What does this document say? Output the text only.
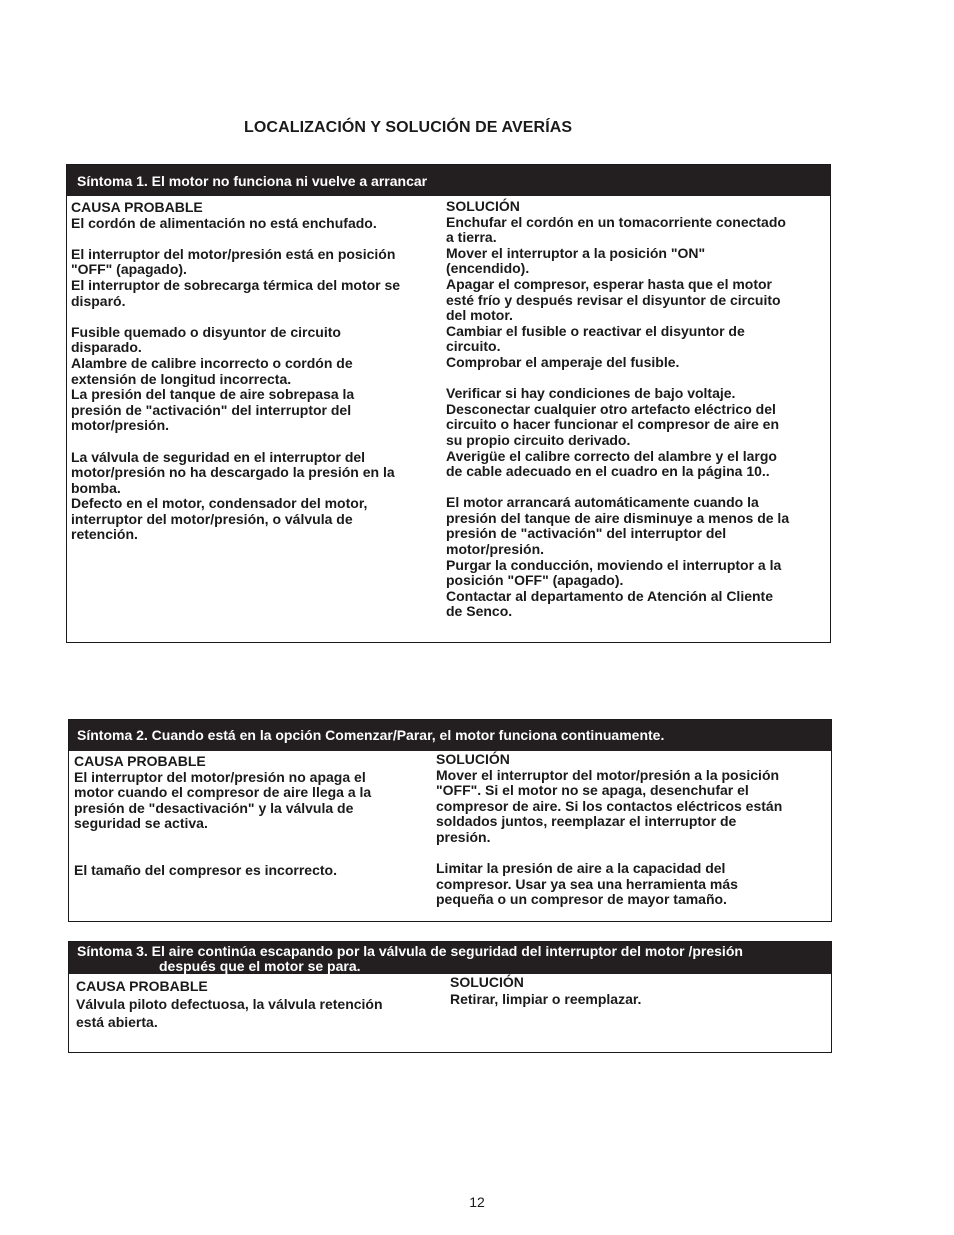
LOCALIZACIÓN Y SOLUCIÓN DE AVERÍAS
Síntoma 1. El motor no funciona ni vuelve a arrancar
CAUSA PROBABLE
El cordón de alimentación no está enchufado.
El interruptor del motor/presión está en posición
"OFF" (apagado).
El interruptor de sobrecarga térmica del motor se
disparó.
Fusible quemado o disyuntor de circuito
disparado.
Alambre de calibre incorrecto o cordón de
extensión de longitud incorrecta.
La presión del tanque de aire sobrepasa la
presión de "activación" del interruptor del
motor/presión.
La válvula de seguridad en el interruptor del
motor/presión no ha descargado la presión en la
bomba.
Defecto en el motor, condensador del motor,
interruptor del motor/presión, o válvula de
retención.
SOLUCIÓN
Enchufar el cordón en un tomacorriente conectado
a tierra.
Mover el interruptor a la posición "ON"
(encendido).
Apagar el compresor, esperar hasta que el motor
esté frío y después revisar el disyuntor de circuito
del motor.
Cambiar el fusible o reactivar el disyuntor de
circuito.
Comprobar el amperaje del fusible.
Verificar si hay condiciones de bajo voltaje.
Desconectar cualquier otro artefacto eléctrico del
circuito o hacer funcionar el compresor de aire en
su propio circuito derivado.
Averigüe el calibre correcto del alambre y el largo
de cable adecuado en el cuadro en la página 10..
El motor arrancará automáticamente cuando la
presión del tanque de aire disminuye a menos de la
presión de "activación" del interruptor del
motor/presión.
Purgar la conducción, moviendo el interruptor a la
posición "OFF" (apagado).
Contactar al departamento de Atención al Cliente
de Senco.
Síntoma 2. Cuando está en la opción Comenzar/Parar, el motor funciona continuamente.
CAUSA PROBABLE
El interruptor del motor/presión no apaga el
motor cuando el compresor de aire llega a la
presión de "desactivación" y la válvula de
seguridad se activa.
El tamaño del compresor es incorrecto.
SOLUCIÓN
Mover el interruptor del motor/presión a la posición
"OFF". Si el motor no se apaga, desenchufar el
compresor de aire. Si los contactos eléctricos están
soldados juntos, reemplazar el interruptor de
presión.
Limitar la presión de aire a la capacidad del
compresor. Usar ya sea una herramienta más
pequeña o un compresor de mayor tamaño.
Síntoma 3. El aire continúa escapando por la válvula de seguridad del interruptor del motor /presión
después que el motor se para.
CAUSA PROBABLE
Válvula piloto defectuosa, la válvula retención
está abierta.
SOLUCIÓN
Retirar, limpiar o reemplazar.
12
